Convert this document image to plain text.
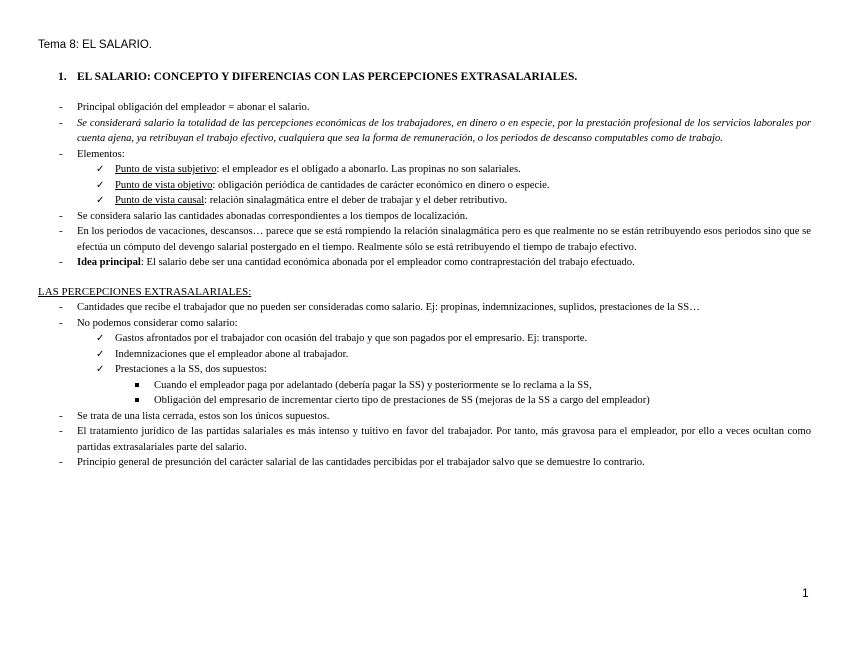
Tema 8: EL SALARIO.
1. EL SALARIO: CONCEPTO Y DIFERENCIAS CON LAS PERCEPCIONES EXTRASALARIALES.
- Principal obligación del empleador = abonar el salario.
- Se considerará salario la totalidad de las percepciones económicas de los trabajadores, en dinero o en especie, por la prestación profesional de los servicios laborales por cuenta ajena, ya retribuyan el trabajo efectivo, cualquiera que sea la forma de remuneración, o los periodos de descanso computables como de trabajo.
- Elementos:
✓ Punto de vista subjetivo: el empleador es el obligado a abonarlo. Las propinas no son salariales.
✓ Punto de vista objetivo: obligación periódica de cantidades de carácter económico en dinero o especie.
✓ Punto de vista causal: relación sinalagmática entre el deber de trabajar y el deber retributivo.
- Se considera salario las cantidades abonadas correspondientes a los tiempos de localización.
- En los periodos de vacaciones, descansos… parece que se está rompiendo la relación sinalagmática pero es que realmente no se están retribuyendo esos periodos sino que se efectúa un cómputo del devengo salarial postergado en el tiempo. Realmente sólo se está retribuyendo el tiempo de trabajo efectivo.
- Idea principal: El salario debe ser una cantidad económica abonada por el empleador como contraprestación del trabajo efectuado.
LAS PERCEPCIONES EXTRASALARIALES:
- Cantidades que recibe el trabajador que no pueden ser consideradas como salario. Ej: propinas, indemnizaciones, suplidos, prestaciones de la SS…
- No podemos considerar como salario:
✓ Gastos afrontados por el trabajador con ocasión del trabajo y que son pagados por el empresario. Ej: transporte.
✓ Indemnizaciones que el empleador abone al trabajador.
✓ Prestaciones a la SS, dos supuestos:
Cuando el empleador paga por adelantado (debería pagar la SS) y posteriormente se lo reclama a la SS,
Obligación del empresario de incrementar cierto tipo de prestaciones de SS (mejoras de la SS a cargo del empleador)
- Se trata de una lista cerrada, estos son los únicos supuestos.
- El tratamiento jurídico de las partidas salariales es más intenso y tuitivo en favor del trabajador. Por tanto, más gravosa para el empleador, por ello a veces ocultan como partidas extrasalariales parte del salario.
- Principio general de presunción del carácter salarial de las cantidades percibidas por el trabajador salvo que se demuestre lo contrario.
1
